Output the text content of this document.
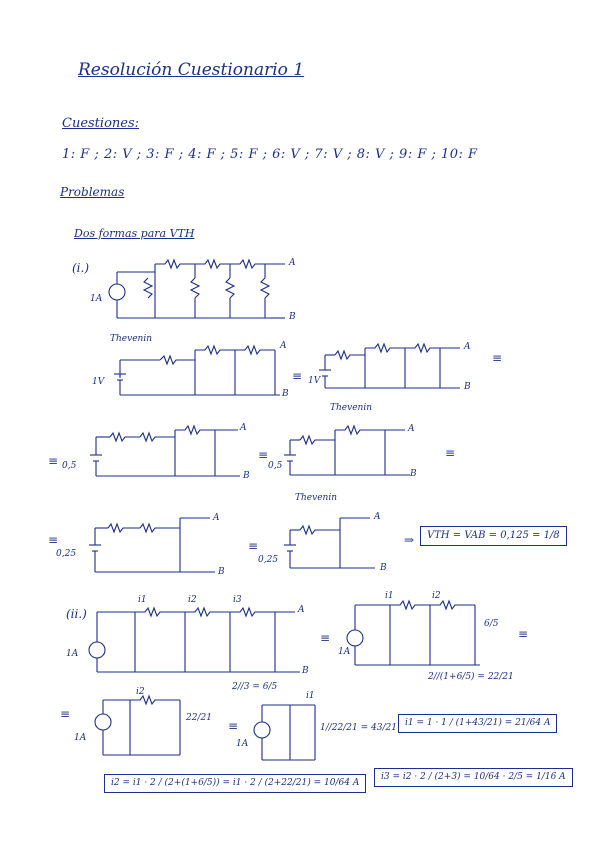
Resolución Cuestionario 1
Cuestiones:
1: F ; 2: V ; 3: F ; 4: F ; 5: F ; 6: V ; 7: V ; 8: V ; 9: F ; 10: F
Problemas
Dos formas para VTH
(i.)
1A
A
B
Thevenin
1V
A
B
≡ 1V
A
B
Thevenin
≡
≡ 0,5
A
B
≡
0,5
A
B
Thevenin
≡
≡
0,25
A
B
≡
0,25
A
B
⇒	VTH = VAB = 0,125 = 1/8
(ii.)
1A
i1	i2	i3
A
B
2//3 = 6/5
≡
1A
i1	i2
6/5
2//(1+6/5) = 22/21
≡
≡
1A
i2
22/21
≡
1A
i1
1//22/21 = 43/21 i1 = 1 · 1 / (1+43/21) = 21/64 A
i2 = i1 · 2 / (2+(1+6/5)) = i1 · 2 / (2+22/21) = 10/64 A
i3 = i2 · 2 / (2+3) = 10/64 · 2/5 = 1/16 A
